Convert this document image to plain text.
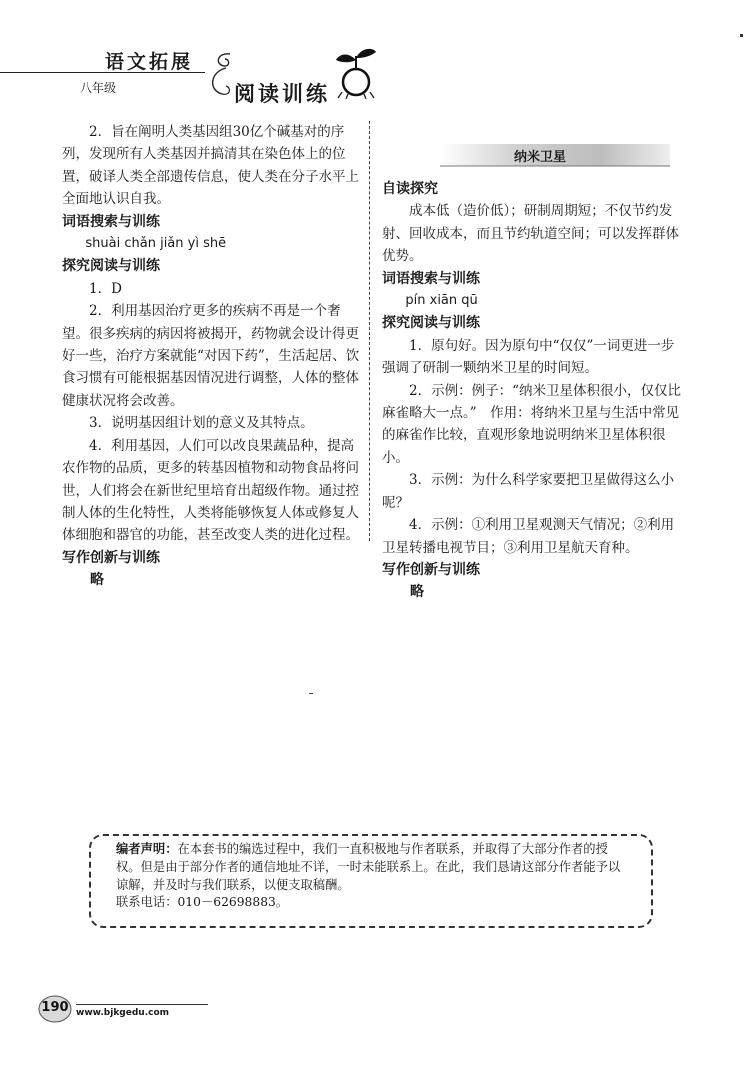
语文拓展
八年级	阅读训练

2．旨在阐明人类基因组30亿个碱基对的序列，发现所有人类基因并搞清其在染色体上的位置，破译人类全部遗传信息，使人类在分子水平上全面地认识自我。

词语搜索与训练

shuài chǎn jiǎn yì shē

探究阅读与训练

1．D

2．利用基因治疗更多的疾病不再是一个奢望。很多疾病的病因将被揭开，药物就会设计得更好一些，治疗方案就能“对因下药”，生活起居、饮食习惯有可能根据基因情况进行调整，人体的整体健康状况将会改善。

3．说明基因组计划的意义及其特点。

4．利用基因，人们可以改良果蔬品种，提高农作物的品质，更多的转基因植物和动物食品将问世，人们将会在新世纪里培育出超级作物。通过控制人体的生化特性，人类将能够恢复人体或修复人体细胞和器官的功能，甚至改变人类的进化过程。

写作创新与训练

略

纳米卫星

自读探究

成本低（造价低）；研制周期短；不仅节约发射、回收成本，而且节约轨道空间；可以发挥群体优势。

词语搜索与训练

pín xiān qū

探究阅读与训练

1．原句好。因为原句中“仅仅”一词更进一步强调了研制一颗纳米卫星的时间短。

2．示例：例子：“纳米卫星体积很小，仅仅比麻雀略大一点。”　作用：将纳米卫星与生活中常见的麻雀作比较，直观形象地说明纳米卫星体积很小。

3．示例：为什么科学家要把卫星做得这么小呢？

4．示例：①利用卫星观测天气情况；②利用卫星转播电视节目；③利用卫星航天育种。

写作创新与训练

略

编者声明：在本套书的编选过程中，我们一直积极地与作者联系，并取得了大部分作者的授权。但是由于部分作者的通信地址不详，一时未能联系上。在此，我们恳请这部分作者能予以谅解，并及时与我们联系，以便支取稿酬。
联系电话：010－62698883。
190 www.bjkgedu.com
